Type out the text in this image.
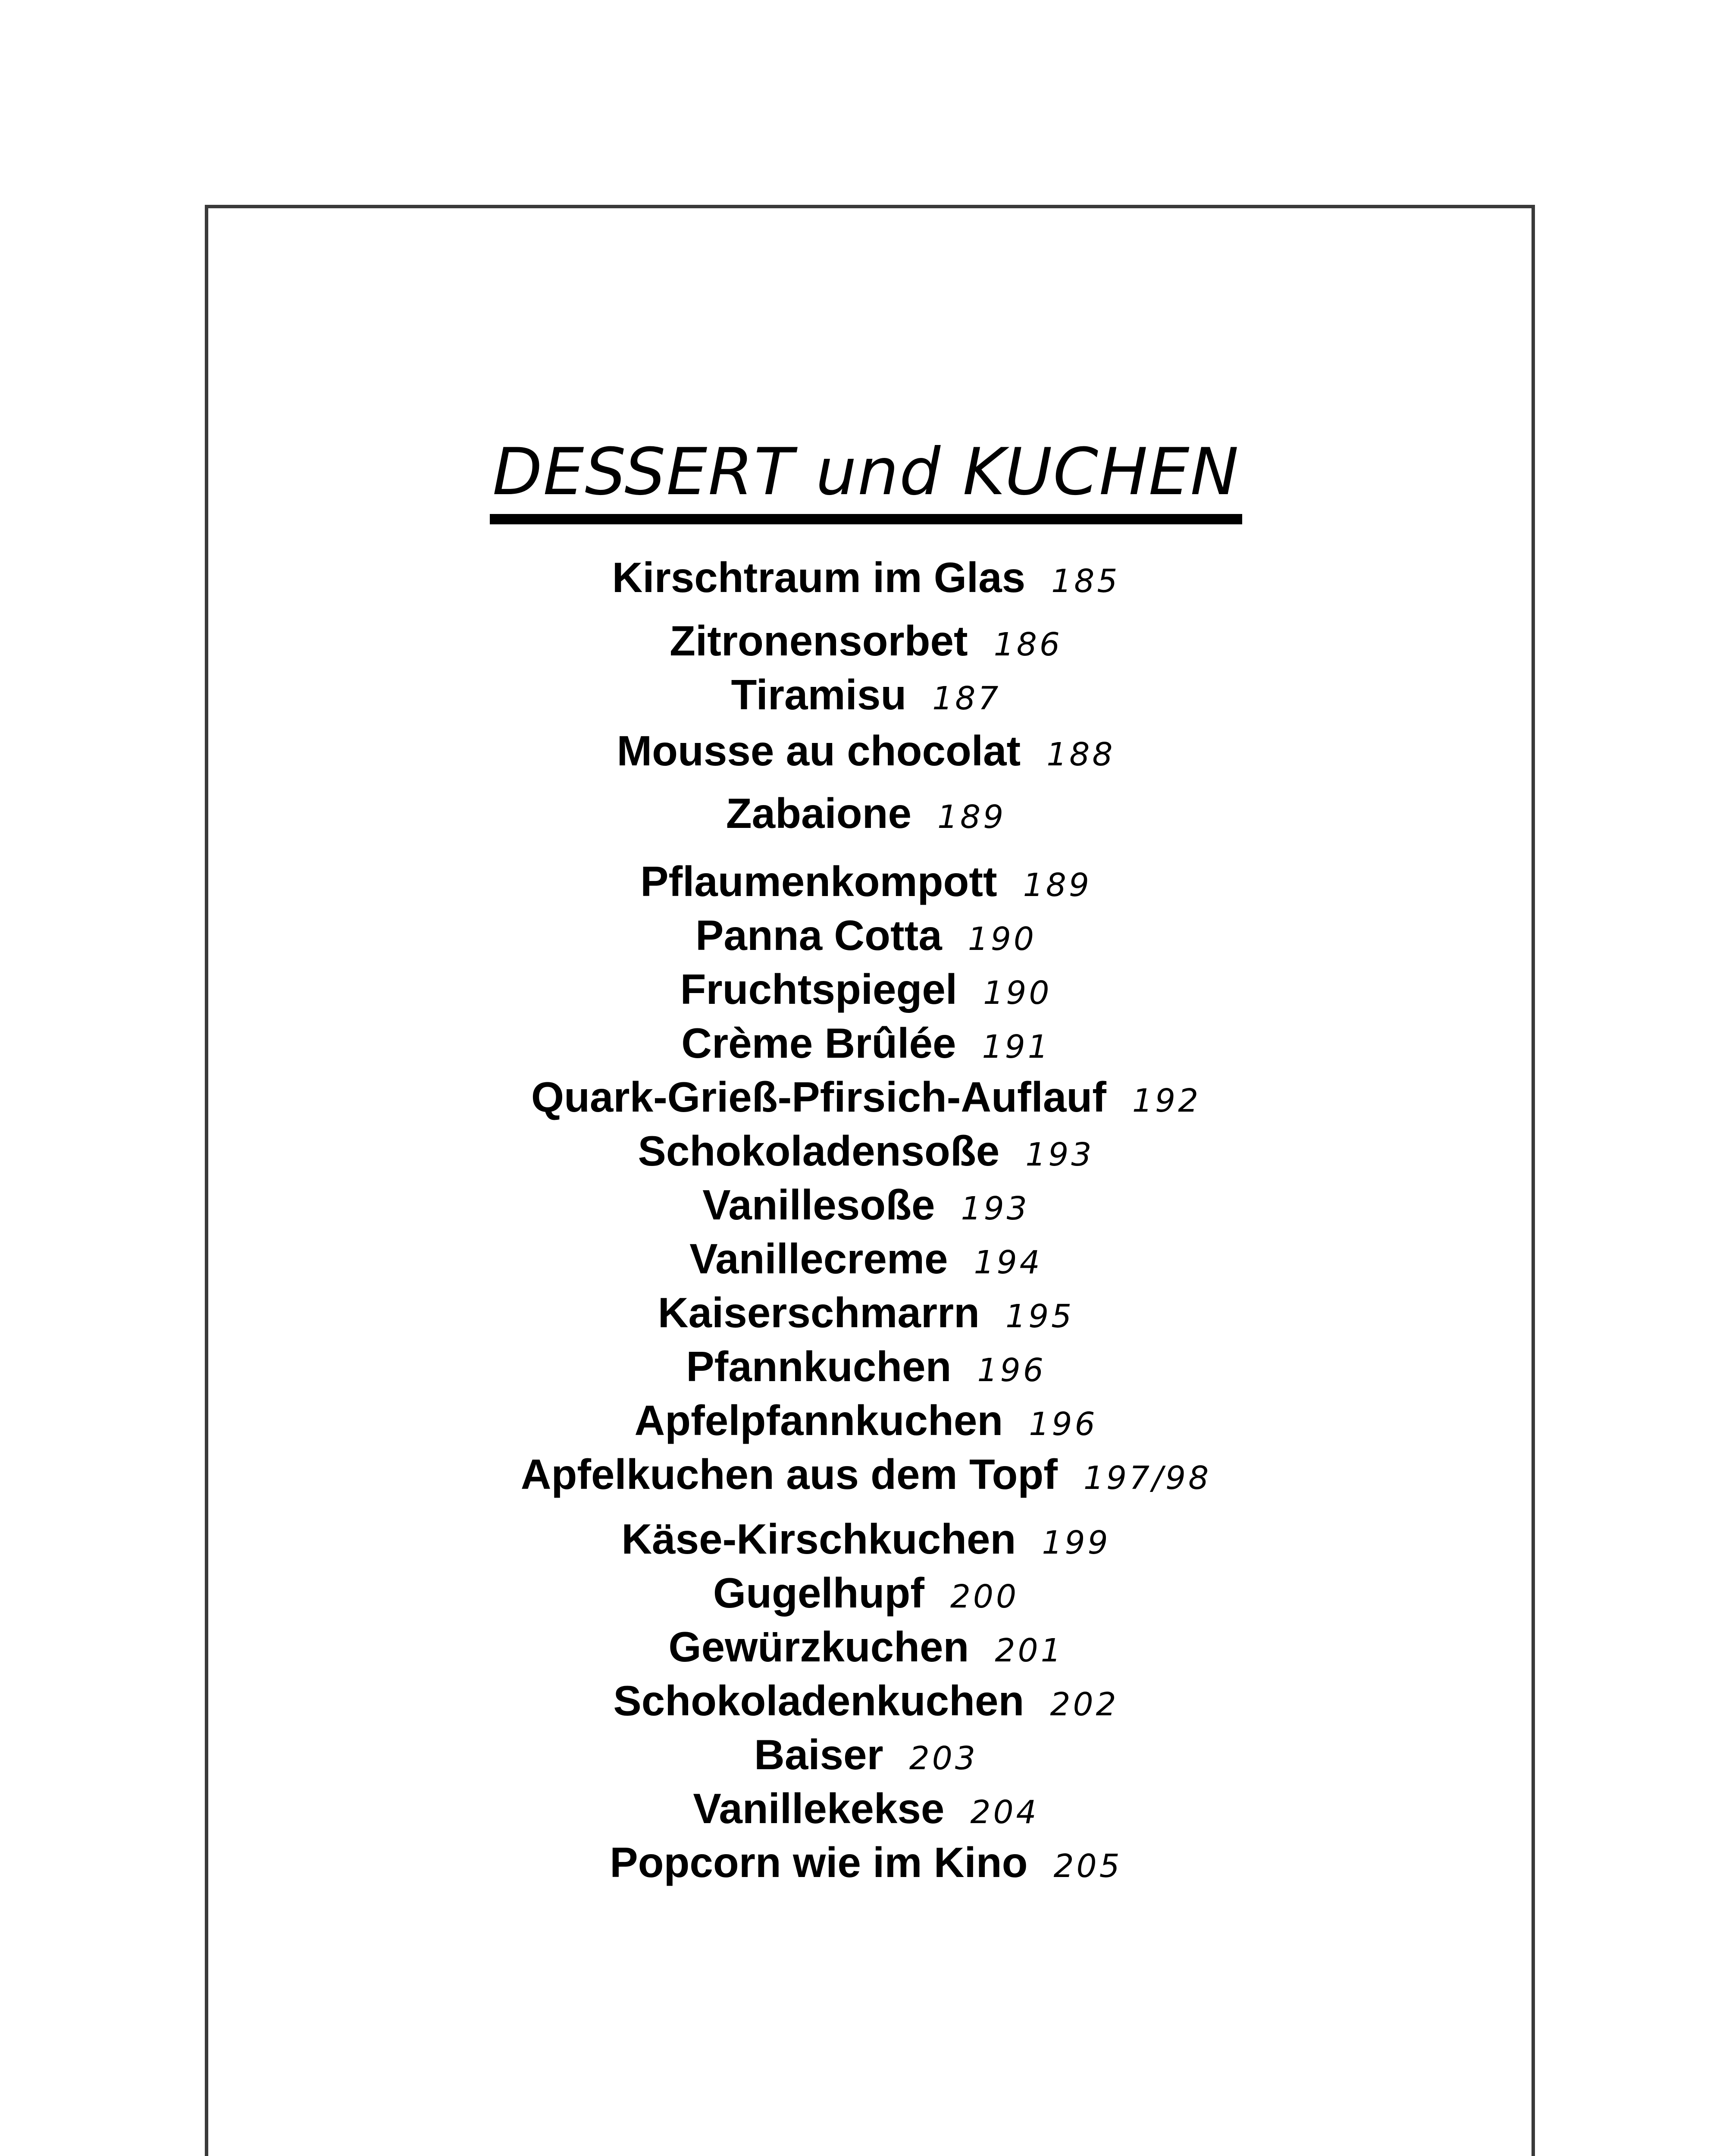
DESSERT und KUCHEN
Kirschtraum im Glas 185
Zitronensorbet 186
Tiramisu 187
Mousse au chocolat 188
Zabaione 189
Pflaumenkompott 189
Panna Cotta 190
Fruchtspiegel 190
Crème Brûlée 191
Quark-Grieß-Pfirsich-Auflauf 192
Schokoladensoße 193
Vanillesoße 193
Vanillecreme 194
Kaiserschmarrn 195
Pfannkuchen 196
Apfelpfannkuchen 196
Apfelkuchen aus dem Topf 197/98
Käse-Kirschkuchen 199
Gugelhupf 200
Gewürzkuchen 201
Schokoladenkuchen 202
Baiser 203
Vanillekekse 204
Popcorn wie im Kino 205
